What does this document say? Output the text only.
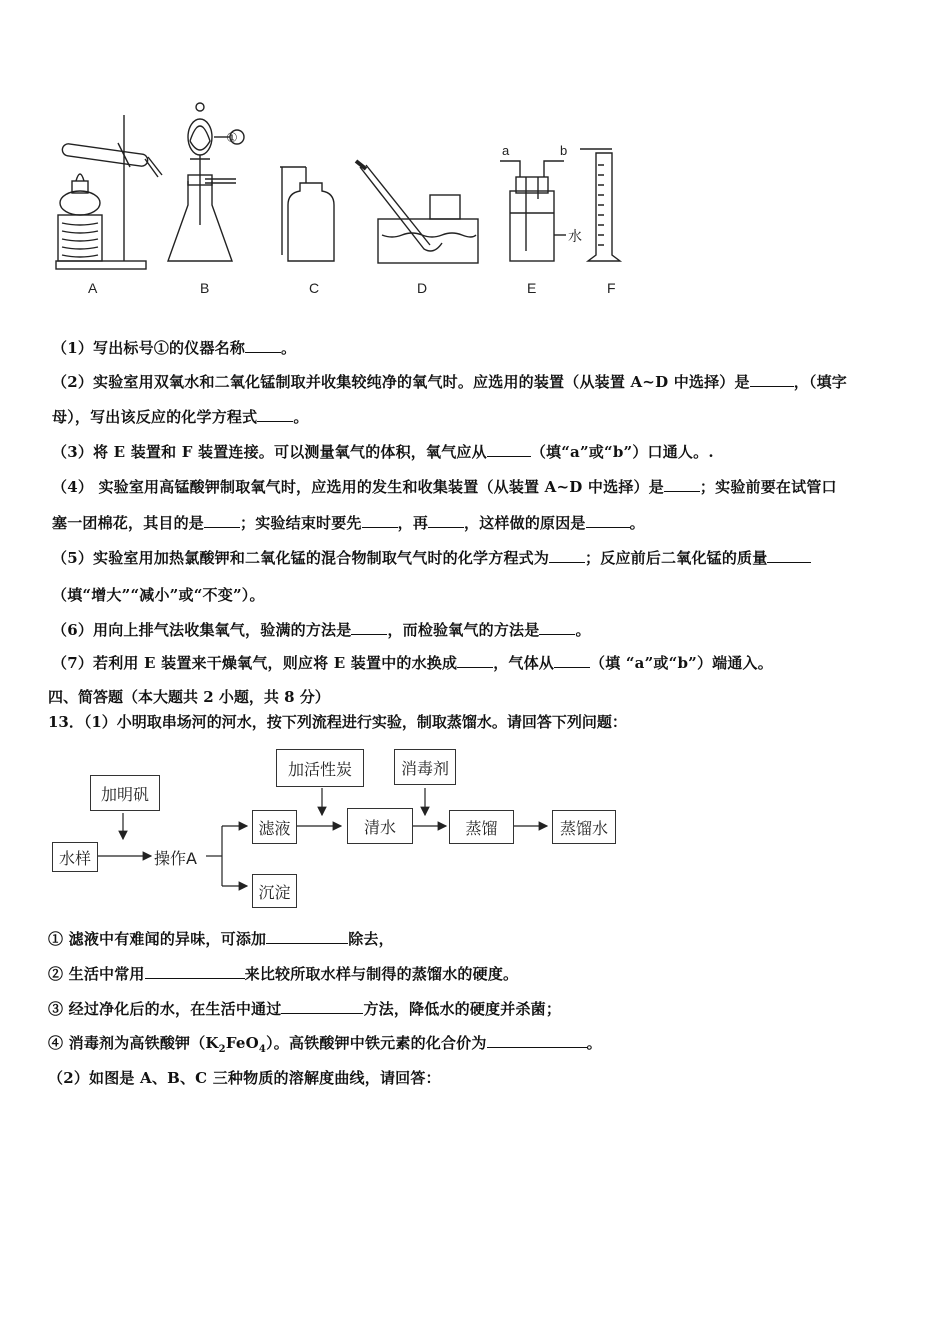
①
a	b
水
A	B	C	D	E	F
（1）写出标号①的仪器名称 。
（2）实验室用双氧水和二氧化锰制取并收集较纯净的氧气时。应选用的装置（从装置 A~D 中选择）是	，（填字
母），写出该反应的化学方程式 。
（3）将 E 装置和 F 装置连接。可以测量氧气的体积，氧气应从	（填“a”或“b”）口通人。.
（4） 实验室用高锰酸钾制取氧气时，应选用的发生和收集装置（从装置 A~D 中选择）是 ；实验前要在试管口
塞一团棉花，其目的是 ；实验结束时要先 ，再 ，这样做的原因是	。
（5）实验室用加热氯酸钾和二氧化锰的混合物制取气气时的化学方程式为 ；反应前后二氧化锰的质量
（填“增大”“减小”或“不变”）。
（6）用向上排气法收集氧气，验满的方法是 ，而检验氧气的方法是 。
（7）若利用 E 装置来干燥氧气，则应将 E 装置中的水换成 ，气体从 （填 “a”或“b”）端通入。
四、简答题（本大题共 2 小题，共 8 分）
13．（1）小明取串场河的河水，按下列流程进行实验，制取蒸馏水。请回答下列问题：
加明矾
水样	操作A
滤液
沉淀
加活性炭
清水
消毒剂
蒸馏	蒸馏水
① 滤液中有难闻的异味，可添加	除去，
② 生活中常用	来比较所取水样与制得的蒸馏水的硬度。
③ 经过净化后的水，在生活中通过	方法，降低水的硬度并杀菌；
④ 消毒剂为高铁酸钾$(K_2FeO_4)$。高铁酸钾中铁元素的化合价为	。
（2）如图是 A、B、C 三种物质的溶解度曲线，请回答：
